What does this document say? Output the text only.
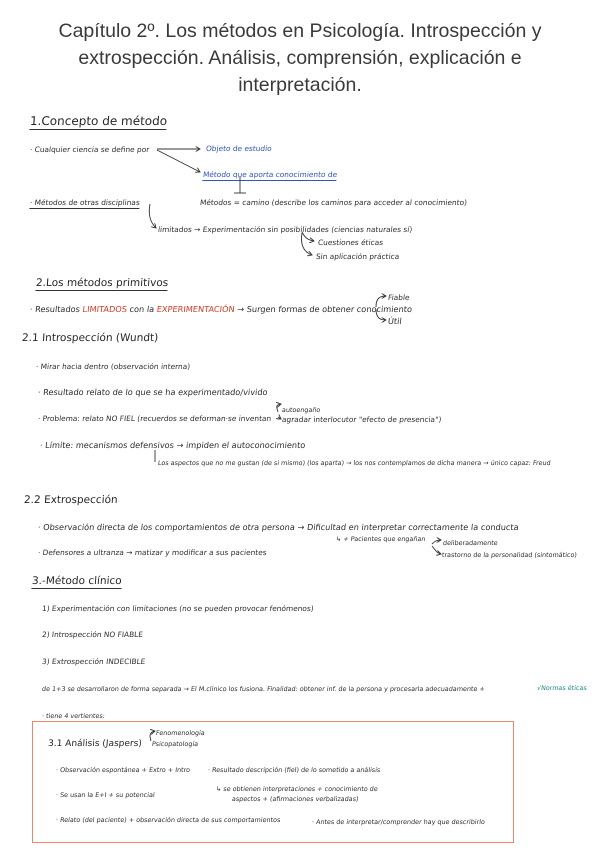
Capítulo 2º. Los métodos en Psicología. Introspección y extrospección. Análisis, comprensión, explicación e interpretación.
1.Concepto de método
· Cualquier ciencia se define por	Objeto de estudio
Método que aporta conocimiento de
· Métodos de otras disciplinas	Métodos = camino (describe los caminos para acceder al conocimiento)
limitados → Experimentación sin posibilidades (ciencias naturales sí)
Cuestiones éticas
Sin aplicación práctica
2.Los métodos primitivos
· Resultados LIMITADOS con la EXPERIMENTACIÓN → Surgen formas de obtener conocimiento
Fiable
Útil
2.1 Introspección (Wundt)
· Mirar hacia dentro (observación interna)
· Resultado relato de lo que se ha experimentado/vivido
· Problema: relato NO FIEL (recuerdos se deforman·se inventan
autoengaño
agradar interlocutor "efecto de presencia")
· Límite: mecanismos defensivos → impiden el autoconocimiento
Los aspectos que no me gustan (de si mismo) (los aparta) → los nos contemplamos de dicha manera → único capaz: Freud
2.2 Extrospección
· Observación directa de los comportamientos de otra persona → Dificultad en interpretar correctamente la conducta
↳ + Pacientes que engañan	deliberadamente
trastorno de la personalidad (sintomático)
· Defensores a ultranza → matizar y modificar a sus pacientes
3.-Método clínico
1) Experimentación con limitaciones (no se pueden provocar fenómenos)
2) Introspección NO FIABLE
3) Extrospección INDECIBLE
de 1+3 se desarrollaron de forma separada → El M.clínico los fusiona. Finalidad: obtener inf. de la persona y procesarla adecuadamente +	√Normas éticas
· tiene 4 vertientes:
3.1 Análisis (Jaspers)
Fenomenología
Psicopatología
· Observación espontánea + Extro + Intro	· Resultado descripción (fiel) de lo sometido a análisis
· Se usan la E+I + su potencial
↳ se obtienen interpretaciones + conocimiento de
aspectos + (afirmaciones verbalizadas)
· Relato (del paciente) + observación directa de sus comportamientos	· Antes de interpretar/comprender hay que describirlo
